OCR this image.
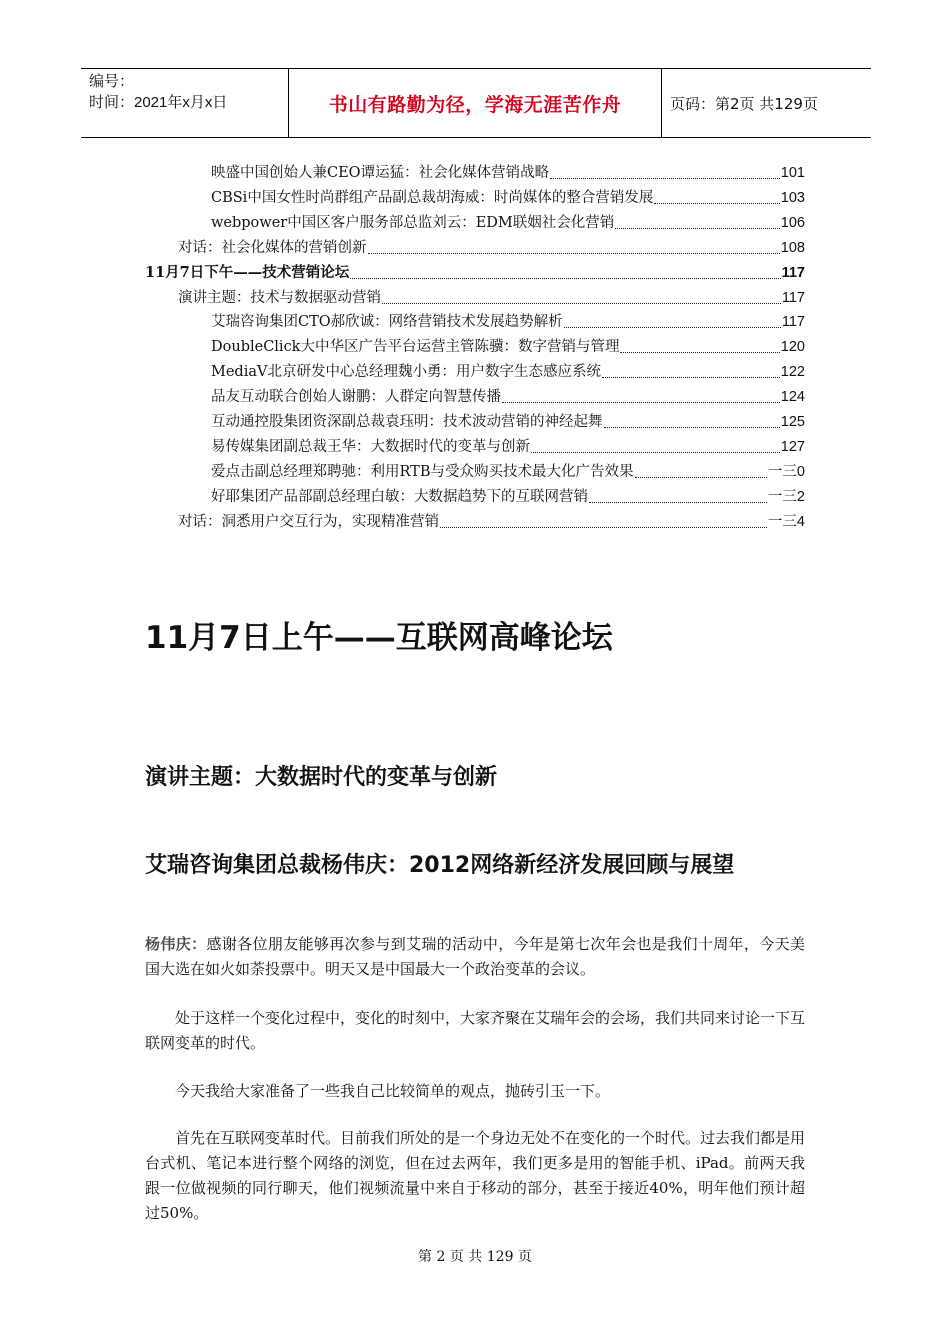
编号：
时间：2021年x月x日	书山有路勤为径，学海无涯苦作舟	页码：第2页 共129页
映盛中国创始人兼CEO谭运猛：社会化媒体营销战略	101
CBSi中国女性时尚群组产品副总裁胡海威：时尚媒体的整合营销发展	103
webpower中国区客户服务部总监刘云：EDM联姻社会化营销	106
对话：社会化媒体的营销创新	108
11月7日下午——技术营销论坛	117
演讲主题：技术与数据驱动营销	117
艾瑞咨询集团CTO郝欣诚：网络营销技术发展趋势解析	117
DoubleClick大中华区广告平台运营主管陈骥：数字营销与管理	120
MediaV北京研发中心总经理魏小勇：用户数字生态感应系统	122
品友互动联合创始人谢鹏：人群定向智慧传播	124
互动通控股集团资深副总裁袁珏明：技术波动营销的神经起舞	125
易传媒集团副总裁王华：大数据时代的变革与创新	127
爱点击副总经理郑聘驰：利用RTB与受众购买技术最大化广告效果	一三0
好耶集团产品部副总经理白敏：大数据趋势下的互联网营销	一三2
对话：洞悉用户交互行为，实现精准营销	一三4
11月7日上午——互联网高峰论坛
演讲主题：大数据时代的变革与创新
艾瑞咨询集团总裁杨伟庆：2012网络新经济发展回顾与展望
杨伟庆：感谢各位朋友能够再次参与到艾瑞的活动中，今年是第七次年会也是我们十周年，今天美国大选在如火如荼投票中。明天又是中国最大一个政治变革的会议。
处于这样一个变化过程中，变化的时刻中，大家齐聚在艾瑞年会的会场，我们共同来讨论一下互联网变革的时代。
今天我给大家准备了一些我自己比较简单的观点，抛砖引玉一下。
首先在互联网变革时代。目前我们所处的是一个身边无处不在变化的一个时代。过去我们都是用台式机、笔记本进行整个网络的浏览，但在过去两年，我们更多是用的智能手机、iPad。前两天我跟一位做视频的同行聊天，他们视频流量中来自于移动的部分，甚至于接近40%，明年他们预计超过50%。
第 2 页 共 129 页
